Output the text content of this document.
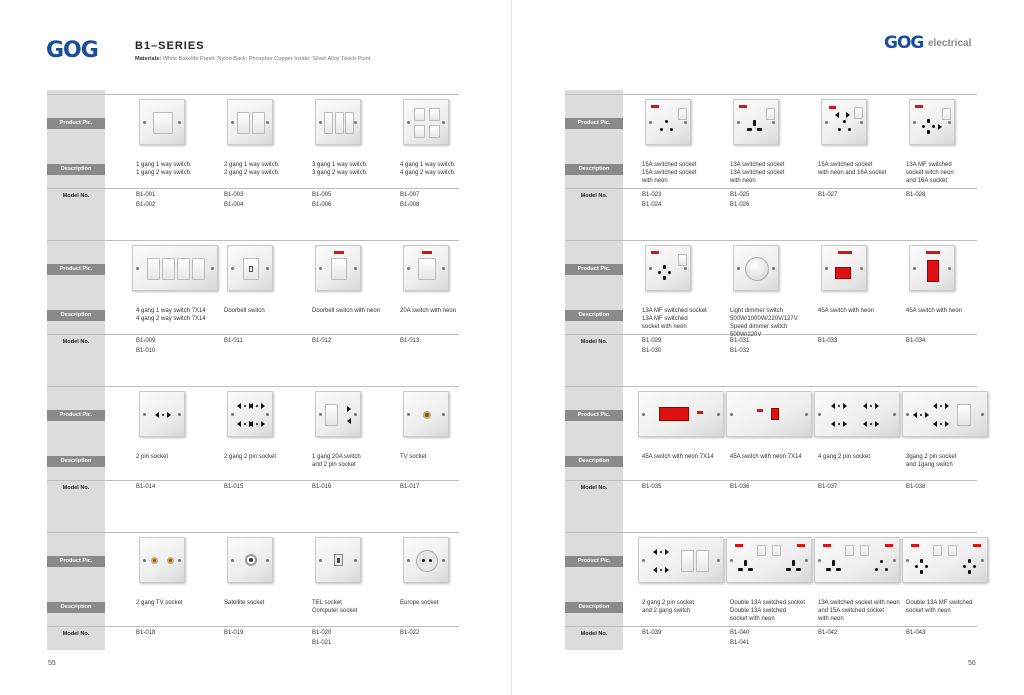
GOG	B1–SERIES
Materials: White Bakelite Panel; Nylon Back; Phosphor Copper Inside; Silver Alloy Touch Point
55
Product Pic.
Description
Model No.
1 gang 1 way switch
1 gang 2 way switch
B1-001
B1-002
2 gang 1 way switch
2 gang 2 way switch
B1-003
B1-004
3 gang 1 way switch
3 gang 2 way switch
B1-005
B1-006
4 gang 1 way switch
4 gang 2 way switch
B1-007
B1-008
Product Pic.
Description
Model No.
4 gang 1 way switch 7X14
4 gang 2 way switch 7X14
B1-009
B1-010
Doorbell switch
B1-011
Doorbell switch with neon
B1-012
20A switch with neon
B1-013
Product Pic.
Description
Model No.
2 pin socket
B1-014
2 gang 2 pin socket
B1-015
1 gang 20A switch
and 2 pin socket
B1-016
TV socket
B1-017
Product Pic.
Description
Model No.
2 gang TV socket
B1-018
Satellite socket
B1-019
TEL socket
Computer socket
B1-020
B1-021
Europe socket
B1-022
GOG electrical
56
Product Pic.
Description
Model No.
15A switched socket
15A switched socket
with neon
B1-023
B1-024
13A switched socket
13A switched socket
with neon
B1-025
B1-026
15A switched socket
with neon and 16A socket
B1-027
13A MF switched
socket witch neon
and 16A socket
B1-028
Product Pic.
Description
Model No.
13A MF switched socket
13A MF switched
socket with neon
B1-029
B1-030
Light dimmer switch
500W/1000W/220V/127V
Speed dimmer switch
500W/220V
B1-031
B1-032
45A switch with neon
B1-033
45A switch with neon
B1-034
Product Pic.
Description
Model No.
45A switch with neon 7X14
B1-035
45A switch with neon 7X14
B1-036
4 gang 2 pin socket
B1-037
3gang 2 pin socket
and 1gang switch
B1-038
Product Pic.
Description
Model No.
2 gang 2 pin socket
and 2 gang switch
B1-039
Double 13A switched socket
Double 13A switched
socket with neon
B1-040
B1-041
13A switched socket with neon
and 15A switched socket
with neon
B1-042
Double 13A MF switched
socket with neon
B1-043
